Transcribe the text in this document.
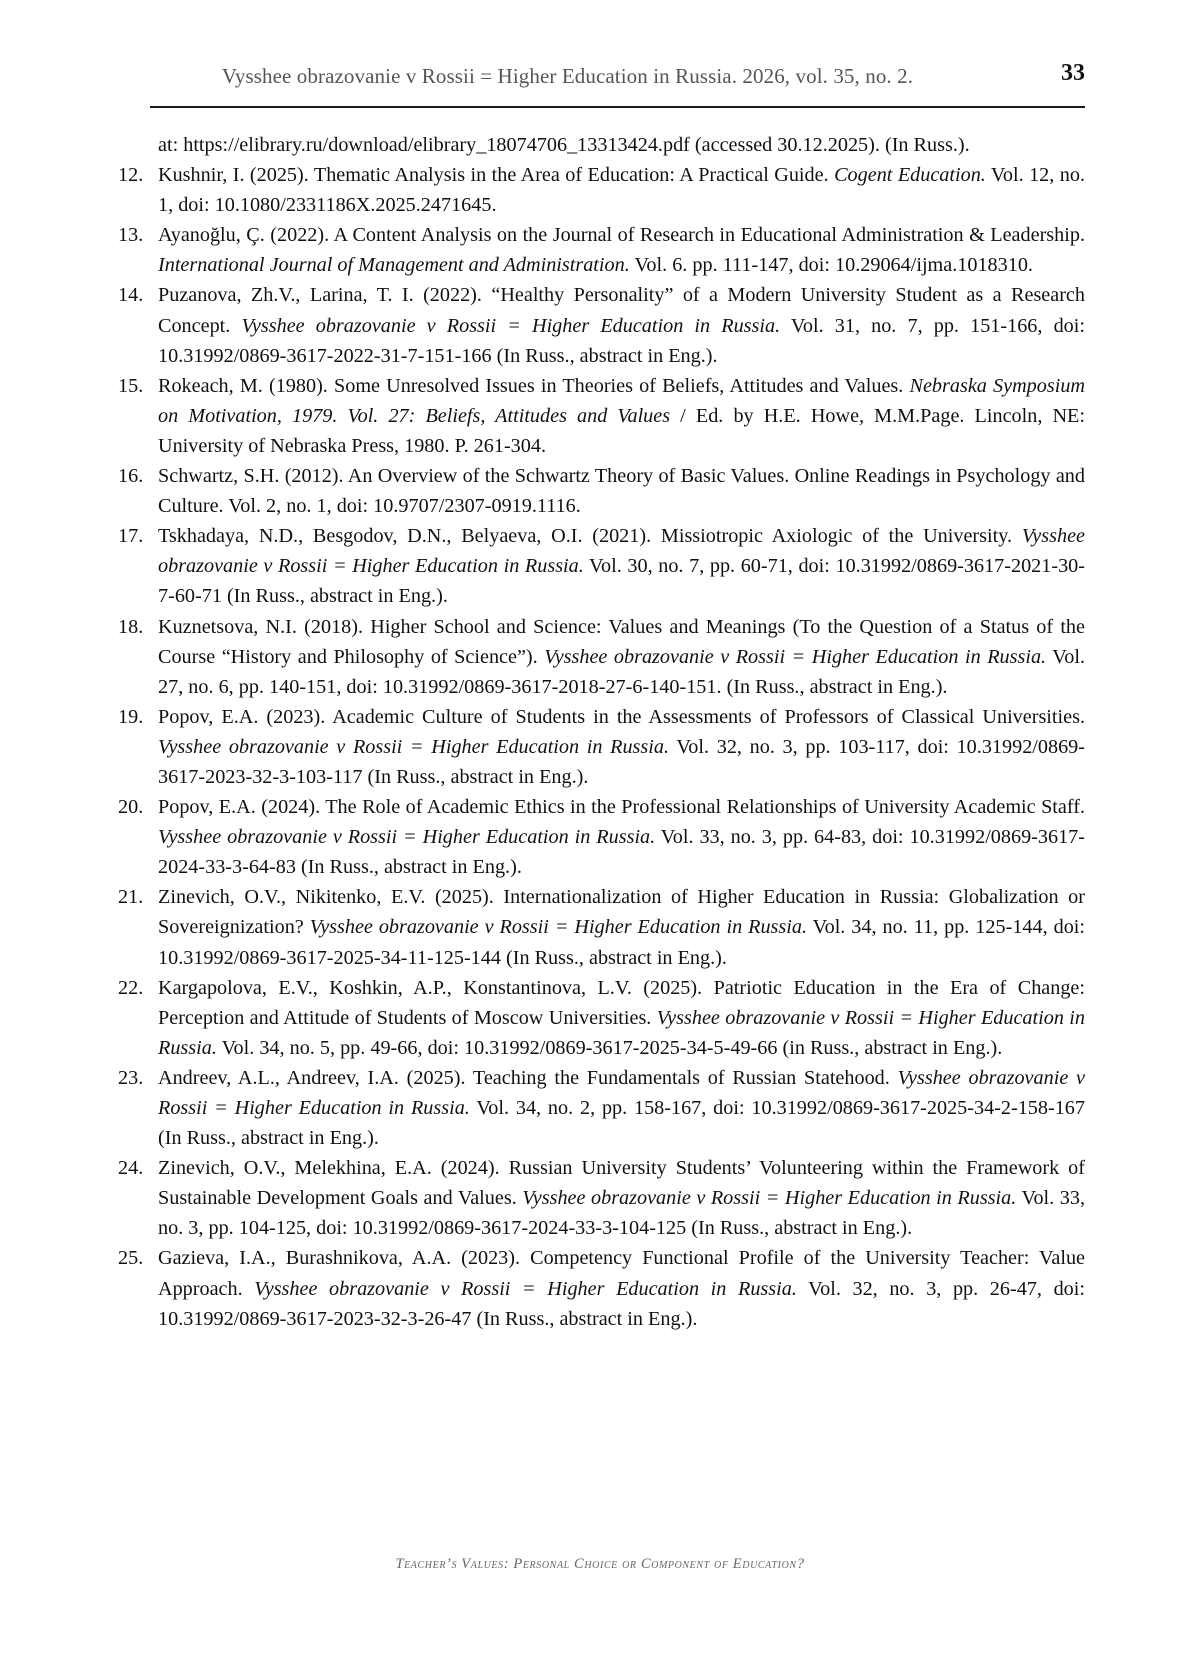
Vysshee obrazovanie v Rossii = Higher Education in Russia. 2026, vol. 35, no. 2.	33
at: https://elibrary.ru/download/elibrary_18074706_13313424.pdf (accessed 30.12.2025). (In Russ.).
12. Kushnir, I. (2025). Thematic Analysis in the Area of Education: A Practical Guide. Cogent Education. Vol. 12, no. 1, doi: 10.1080/2331186X.2025.2471645.
13. Ayanoğlu, Ç. (2022). A Content Analysis on the Journal of Research in Educational Administration & Leadership. International Journal of Management and Administration. Vol. 6. pp. 111-147, doi: 10.29064/ijma.1018310.
14. Puzanova, Zh.V., Larina, T. I. (2022). “Healthy Personality” of a Modern University Student as a Research Concept. Vysshee obrazovanie v Rossii = Higher Education in Russia. Vol. 31, no. 7, pp. 151-166, doi: 10.31992/0869-3617-2022-31-7-151-166 (In Russ., abstract in Eng.).
15. Rokeach, M. (1980). Some Unresolved Issues in Theories of Beliefs, Attitudes and Values. Nebraska Symposium on Motivation, 1979. Vol. 27: Beliefs, Attitudes and Values / Ed. by H.E. Howe, M.M.Page. Lincoln, NE: University of Nebraska Press, 1980. P. 261-304.
16. Schwartz, S.H. (2012). An Overview of the Schwartz Theory of Basic Values. Online Readings in Psychology and Culture. Vol. 2, no. 1, doi: 10.9707/2307-0919.1116.
17. Tskhadaya, N.D., Besgodov, D.N., Belyaeva, O.I. (2021). Missiotropic Axiologic of the University. Vysshee obrazovanie v Rossii = Higher Education in Russia. Vol. 30, no. 7, pp. 60-71, doi: 10.31992/0869-3617-2021-30-7-60-71 (In Russ., abstract in Eng.).
18. Kuznetsova, N.I. (2018). Higher School and Science: Values and Meanings (To the Question of a Status of the Course “History and Philosophy of Science”). Vysshee obrazovanie v Rossii = Higher Education in Russia. Vol. 27, no. 6, pp. 140-151, doi: 10.31992/0869-3617-2018-27-6-140-151. (In Russ., abstract in Eng.).
19. Popov, E.A. (2023). Academic Culture of Students in the Assessments of Professors of Classical Universities. Vysshee obrazovanie v Rossii = Higher Education in Russia. Vol. 32, no. 3, pp. 103-117, doi: 10.31992/0869-3617-2023-32-3-103-117 (In Russ., abstract in Eng.).
20. Popov, E.A. (2024). The Role of Academic Ethics in the Professional Relationships of University Academic Staff. Vysshee obrazovanie v Rossii = Higher Education in Russia. Vol. 33, no. 3, pp. 64-83, doi: 10.31992/0869-3617-2024-33-3-64-83 (In Russ., abstract in Eng.).
21. Zinevich, O.V., Nikitenko, E.V. (2025). Internationalization of Higher Education in Russia: Globalization or Sovereignization? Vysshee obrazovanie v Rossii = Higher Education in Russia. Vol. 34, no. 11, pp. 125-144, doi: 10.31992/0869-3617-2025-34-11-125-144 (In Russ., abstract in Eng.).
22. Kargapolova, E.V., Koshkin, A.P., Konstantinova, L.V. (2025). Patriotic Education in the Era of Change: Perception and Attitude of Students of Moscow Universities. Vysshee obrazovanie v Rossii = Higher Education in Russia. Vol. 34, no. 5, pp. 49-66, doi: 10.31992/0869-3617-2025-34-5-49-66 (in Russ., abstract in Eng.).
23. Andreev, A.L., Andreev, I.A. (2025). Teaching the Fundamentals of Russian Statehood. Vysshee obrazovanie v Rossii = Higher Education in Russia. Vol. 34, no. 2, pp. 158-167, doi: 10.31992/0869-3617-2025-34-2-158-167 (In Russ., abstract in Eng.).
24. Zinevich, O.V., Melekhina, E.A. (2024). Russian University Students’ Volunteering within the Framework of Sustainable Development Goals and Values. Vysshee obrazovanie v Rossii = Higher Education in Russia. Vol. 33, no. 3, pp. 104-125, doi: 10.31992/0869-3617-2024-33-3-104-125 (In Russ., abstract in Eng.).
25. Gazieva, I.A., Burashnikova, A.A. (2023). Competency Functional Profile of the University Teacher: Value Approach. Vysshee obrazovanie v Rossii = Higher Education in Russia. Vol. 32, no. 3, pp. 26-47, doi: 10.31992/0869-3617-2023-32-3-26-47 (In Russ., abstract in Eng.).
Teacher’s Values: Personal Choice or Component of Education?
